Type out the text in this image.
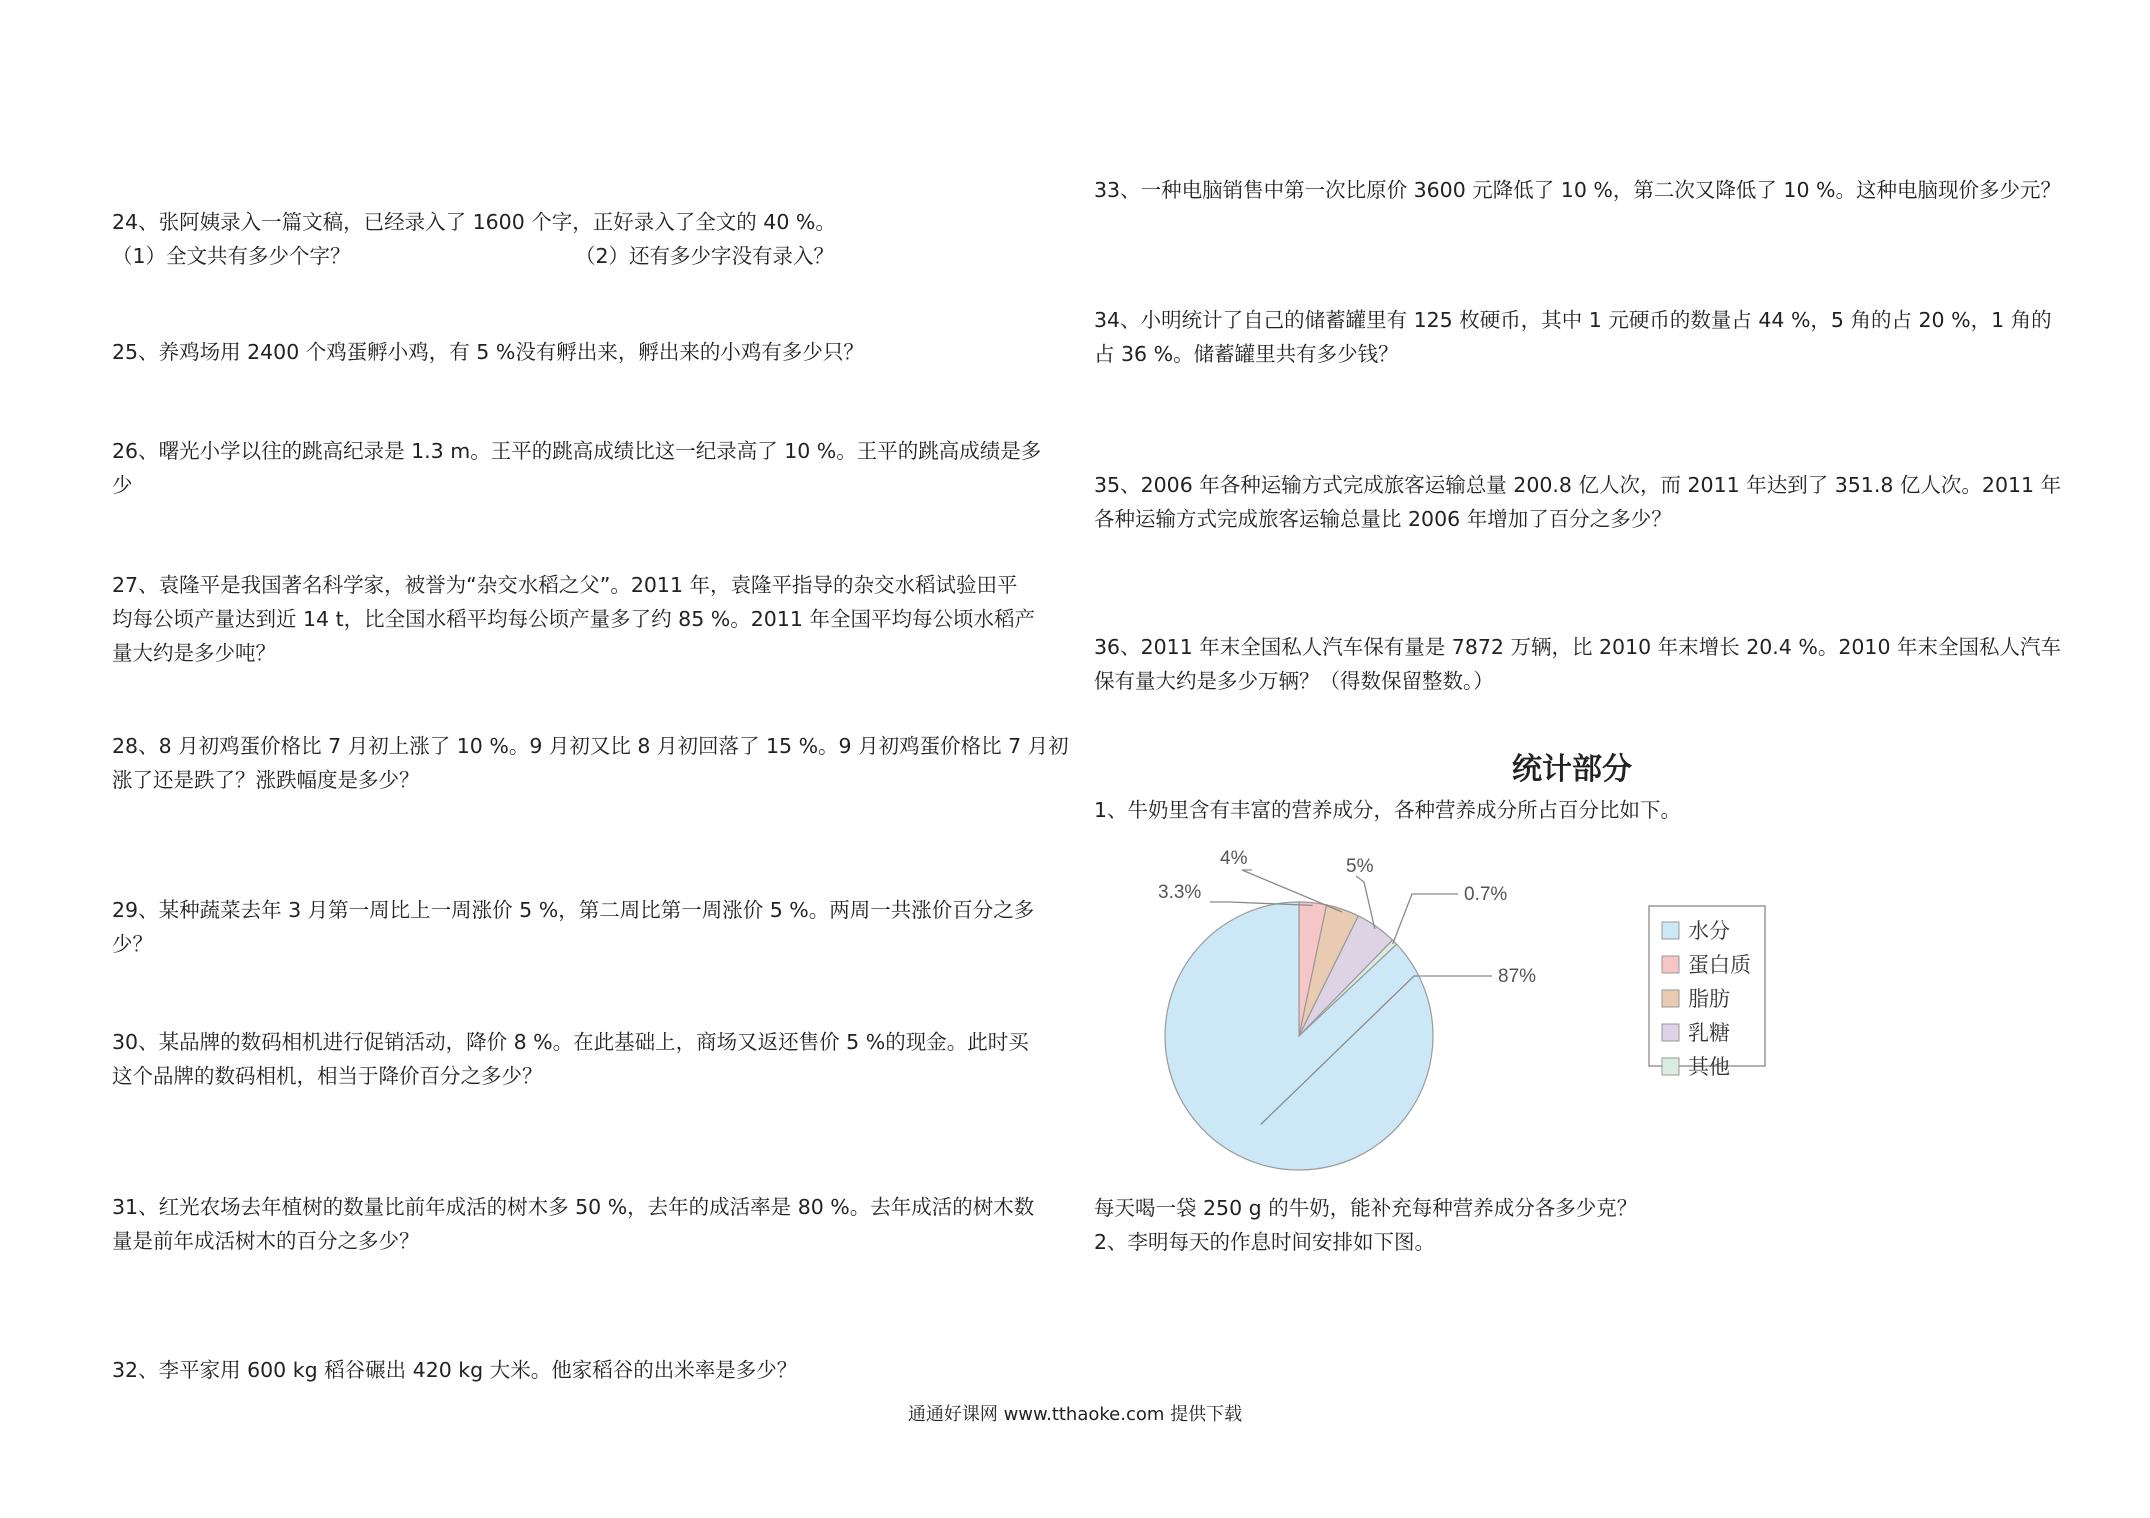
24、张阿姨录入一篇文稿，已经录入了 1600 个字，正好录入了全文的 40 %。
（1）全文共有多少个字？	（2）还有多少字没有录入？
25、养鸡场用 2400 个鸡蛋孵小鸡，有 5 %没有孵出来，孵出来的小鸡有多少只？
26、曙光小学以往的跳高纪录是 1.3 m。王平的跳高成绩比这一纪录高了 10 %。王平的跳高成绩是多
少
27、袁隆平是我国著名科学家，被誉为“杂交水稻之父”。2011 年，袁隆平指导的杂交水稻试验田平
均每公顷产量达到近 14 t，比全国水稻平均每公顷产量多了约 85 %。2011 年全国平均每公顷水稻产
量大约是多少吨？
28、8 月初鸡蛋价格比 7 月初上涨了 10 %。9 月初又比 8 月初回落了 15 %。9 月初鸡蛋价格比 7 月初
涨了还是跌了？涨跌幅度是多少？
29、某种蔬菜去年 3 月第一周比上一周涨价 5 %，第二周比第一周涨价 5 %。两周一共涨价百分之多
少？
30、某品牌的数码相机进行促销活动，降价 8 %。在此基础上，商场又返还售价 5 %的现金。此时买
这个品牌的数码相机，相当于降价百分之多少？
31、红光农场去年植树的数量比前年成活的树木多 50 %，去年的成活率是 80 %。去年成活的树木数
量是前年成活树木的百分之多少？
32、李平家用 600 kg 稻谷碾出 420 kg 大米。他家稻谷的出米率是多少？
33、一种电脑销售中第一次比原价 3600 元降低了 10 %，第二次又降低了 10 %。这种电脑现价多少元？
34、小明统计了自己的储蓄罐里有 125 枚硬币，其中 1 元硬币的数量占 44 %，5 角的占 20 %，1 角的
占 36 %。储蓄罐里共有多少钱？
35、2006 年各种运输方式完成旅客运输总量 200.8 亿人次，而 2011 年达到了 351.8 亿人次。2011 年
各种运输方式完成旅客运输总量比 2006 年增加了百分之多少？
36、2011 年末全国私人汽车保有量是 7872 万辆，比 2010 年末增长 20.4 %。2010 年末全国私人汽车
保有量大约是多少万辆？（得数保留整数。）
统计部分
1、牛奶里含有丰富的营养成分，各种营养成分所占百分比如下。
87%
3.3%
4%	5%
0.7%
水分
蛋白质
脂肪
乳糖
其他
每天喝一袋 250 g 的牛奶，能补充每种营养成分各多少克？
2、李明每天的作息时间安排如下图。
通通好课网 www.tthaoke.com 提供下载
